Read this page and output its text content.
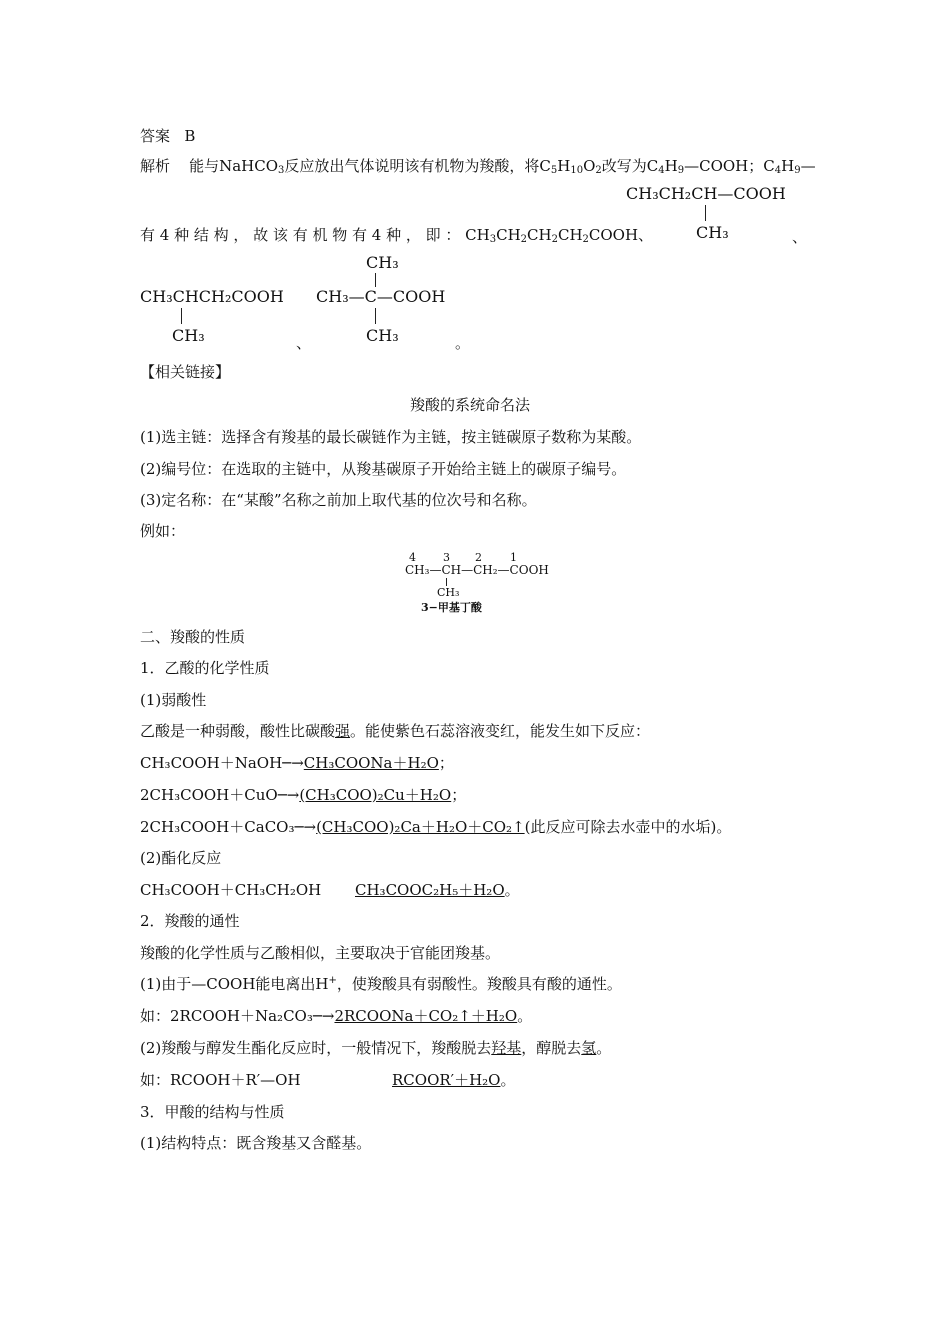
答案 B
解析 能与NaHCO$_3$反应放出气体说明该有机物为羧酸，将$C_5H_{10}O_2$改写为$C_4H_9—COOH$；$C_4H_9—$
CH₃CH₂CH—COOH
CH₃
有 4 种 结 构 ， 故 该 有 机 物 有 4 种 ， 即 ： $CH_3CH_2CH_2CH_2COOH$、	、
CH₃CHCH₂COOH
CH₃	、
CH₃
CH₃—C—COOH
CH₃	。
【相关链接】
羧酸的系统命名法
(1)选主链：选择含有羧基的最长碳链作为主链，按主链碳原子数称为某酸。
(2)编号位：在选取的主链中，从羧基碳原子开始给主链上的碳原子编号。
(3)定名称：在“某酸”名称之前加上取代基的位次号和名称。
例如：
4 3 2	1
CH₃—CH—CH₂—COOH
CH₃
3−甲基丁酸
二、羧酸的性质
1．乙酸的化学性质
(1)弱酸性
乙酸是一种弱酸，酸性比碳酸强。能使紫色石蕊溶液变红，能发生如下反应：
CH₃COOH＋NaOH─→CH₃COONa＋H₂O；
2CH₃COOH＋CuO─→(CH₃COO)₂Cu＋H₂O；
2CH₃COOH＋CaCO₃─→(CH₃COO)₂Ca＋H₂O＋CO₂↑(此反应可除去水壶中的水垢)。
(2)酯化反应
CH₃COOH＋CH₃CH₂OH CH₃COOC₂H₅＋H₂O。
2．羧酸的通性
羧酸的化学性质与乙酸相似，主要取决于官能团羧基。
(1)由于—COOH能电离出H+，使羧酸具有弱酸性。羧酸具有酸的通性。
如：2RCOOH＋Na₂CO₃─→2RCOONa＋CO₂↑＋H₂O。
(2)羧酸与醇发生酯化反应时，一般情况下，羧酸脱去羟基，醇脱去氢。
如：RCOOH＋R′—OH	RCOOR′＋H₂O。
3．甲酸的结构与性质
(1)结构特点：既含羧基又含醛基。
